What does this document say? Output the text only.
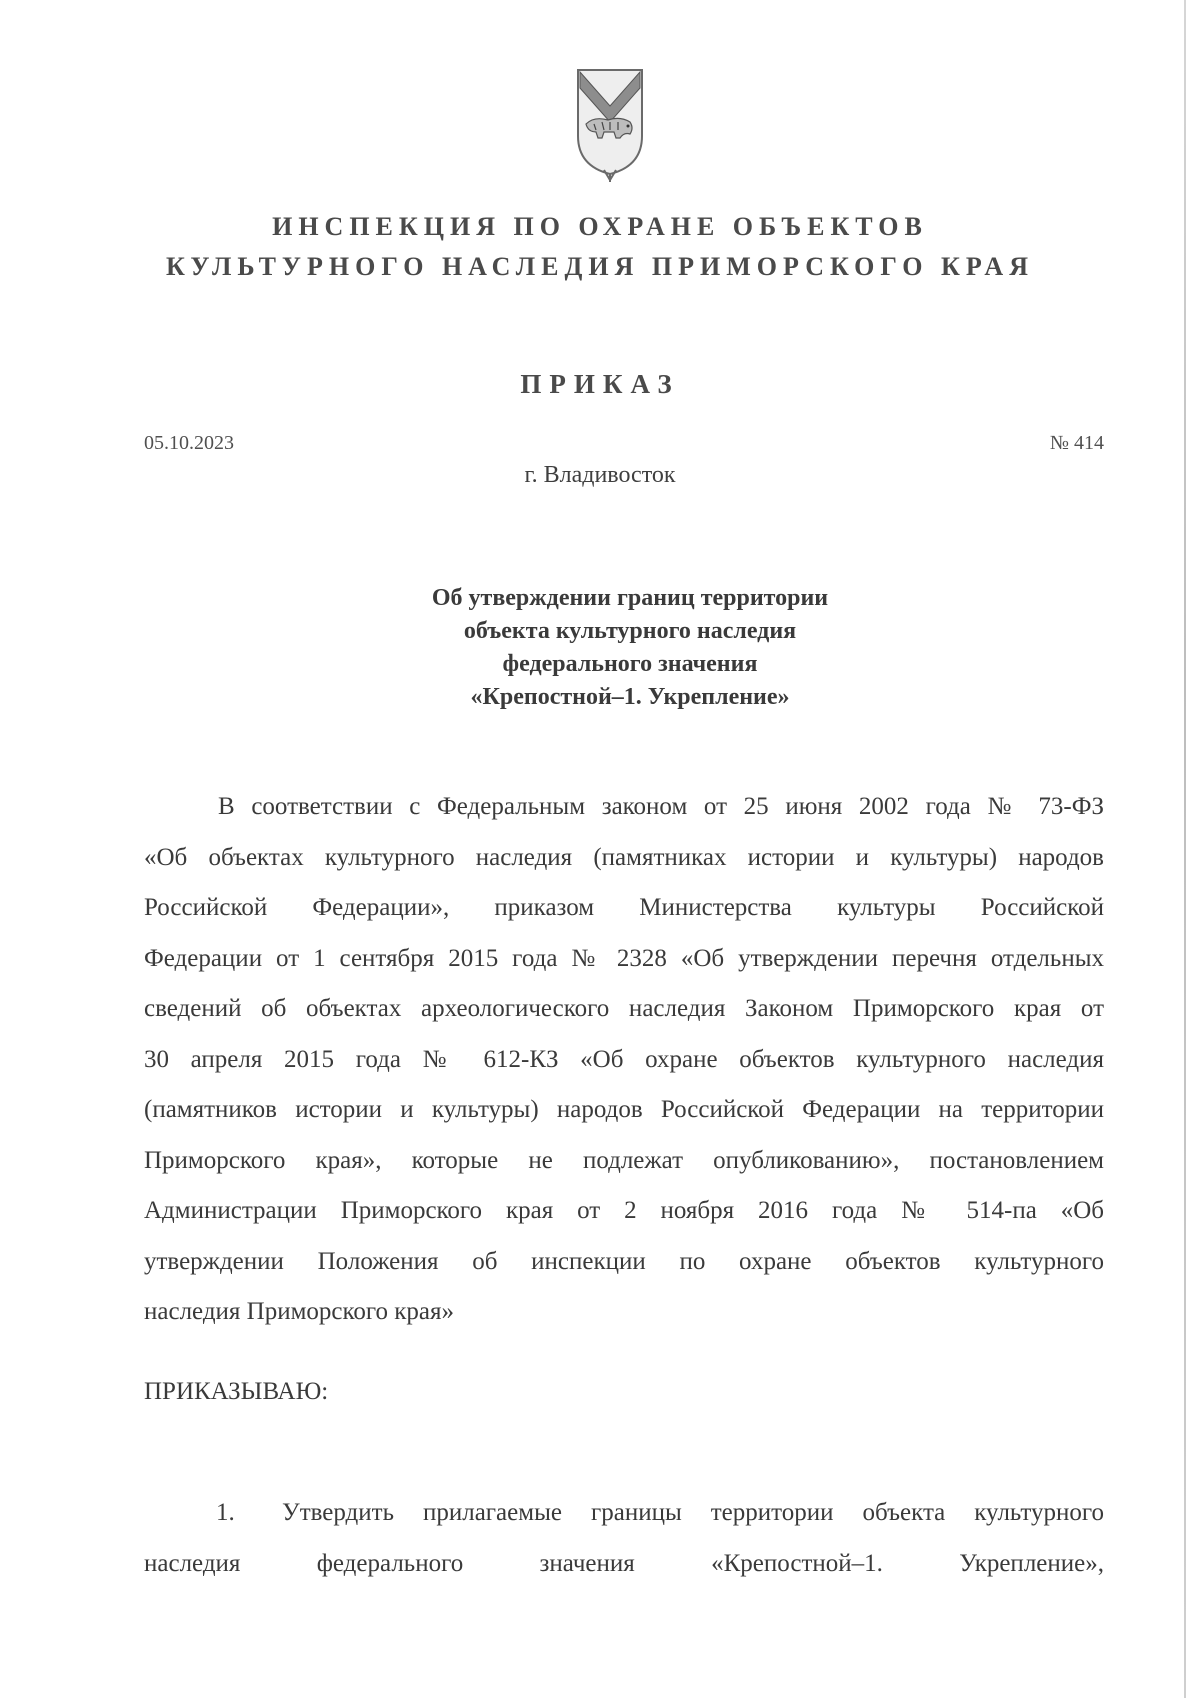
ИНСПЕКЦИЯ ПО ОХРАНЕ ОБЪЕКТОВ
КУЛЬТУРНОГО НАСЛЕДИЯ ПРИМОРСКОГО КРАЯ
ПРИКАЗ
05.10.2023	№ 414
г. Владивосток
Об утверждении границ территории
объекта культурного наследия
федерального значения
«Крепостной–1. Укрепление»
В соответствии с Федеральным законом от 25 июня 2002 года № 73-ФЗ
«Об объектах культурного наследия (памятниках истории и культуры) народов
Российской Федерации», приказом Министерства культуры Российской
Федерации от 1 сентября 2015 года № 2328 «Об утверждении перечня отдельных
сведений об объектах археологического наследия Законом Приморского края от
30 апреля 2015 года № 612-КЗ «Об охране объектов культурного наследия
(памятников истории и культуры) народов Российской Федерации на территории
Приморского края», которые не подлежат опубликованию», постановлением
Администрации Приморского края от 2 ноября 2016 года № 514-па «Об
утверждении Положения об инспекции по охране объектов культурного
наследия Приморского края»
ПРИКАЗЫВАЮ:
1. Утвердить прилагаемые границы территории объекта культурного
наследия федерального значения «Крепостной–1. Укрепление»,
